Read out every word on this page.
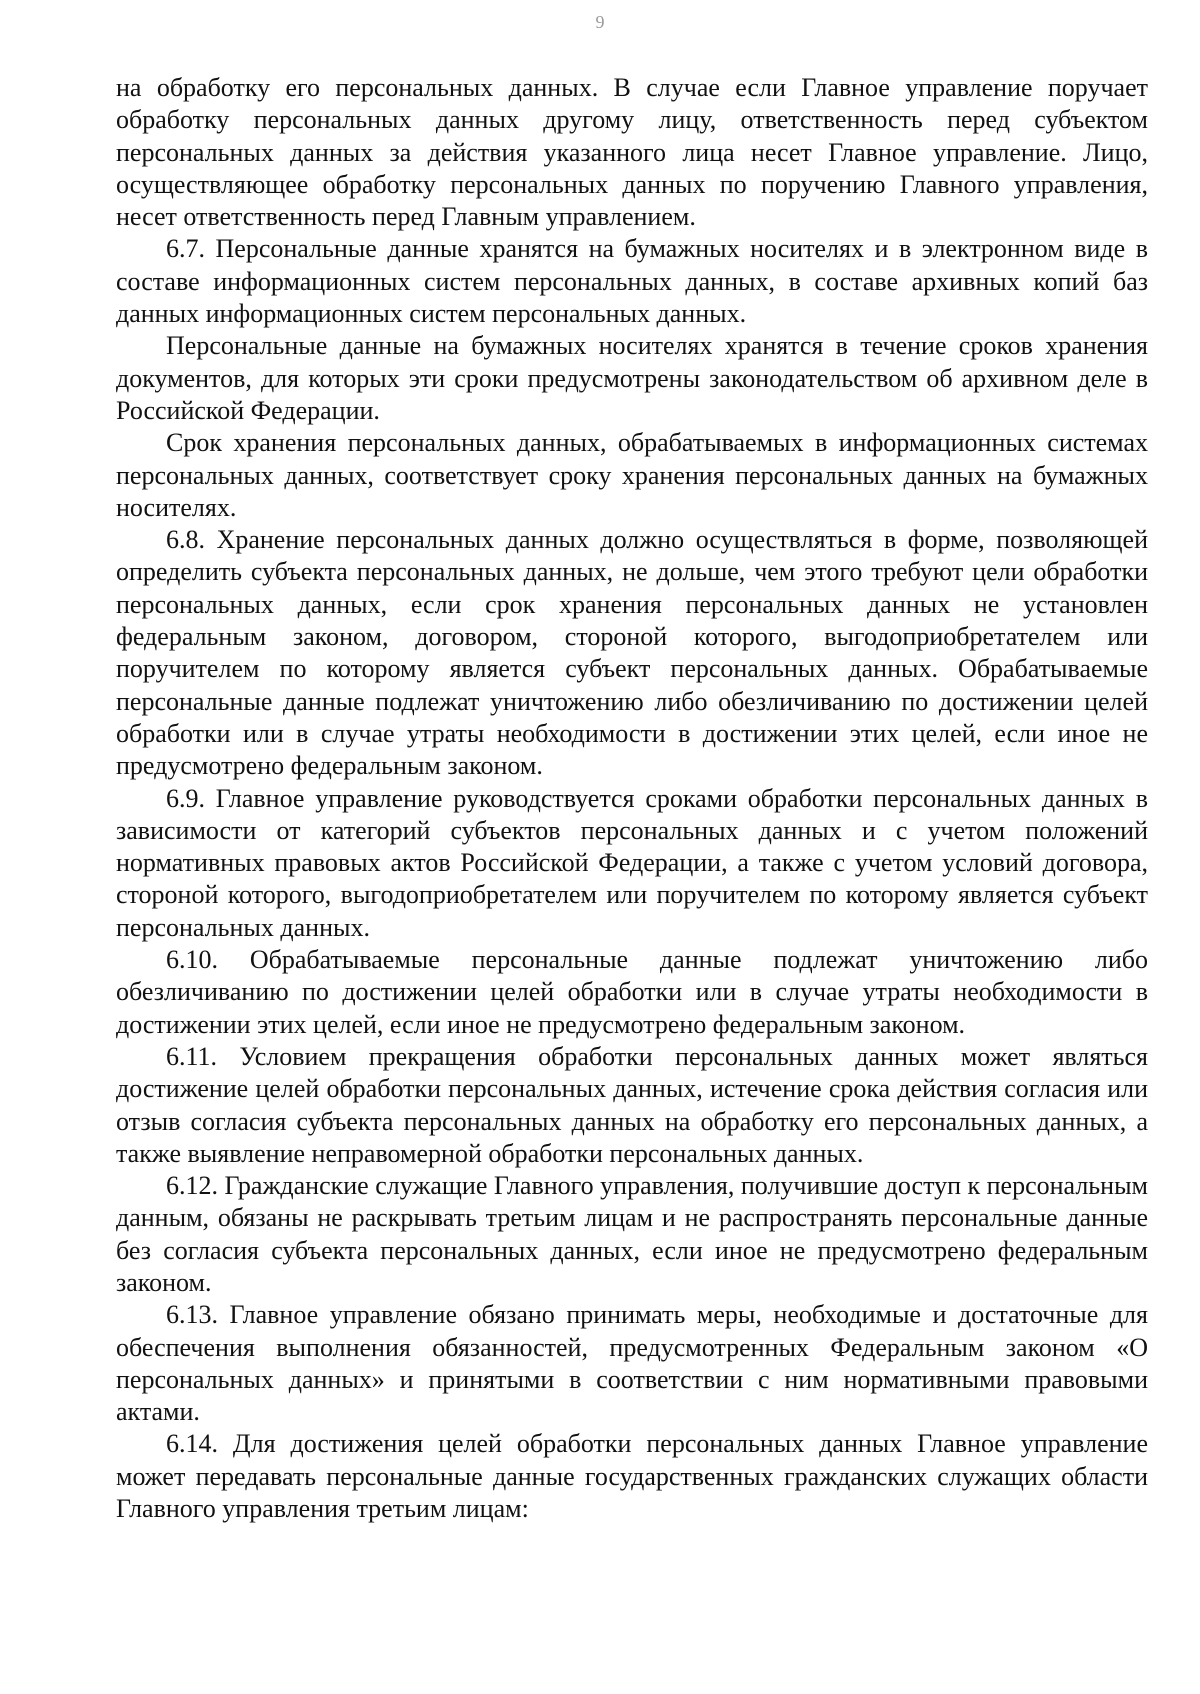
9

на обработку его персональных данных. В случае если Главное управление поручает обработку персональных данных другому лицу, ответственность перед субъектом персональных данных за действия указанного лица несет Главное управление. Лицо, осуществляющее обработку персональных данных по поручению Главного управления, несет ответственность перед Главным управлением.

6.7. Персональные данные хранятся на бумажных носителях и в электронном виде в составе информационных систем персональных данных, в составе архивных копий баз данных информационных систем персональных данных.

Персональные данные на бумажных носителях хранятся в течение сроков хранения документов, для которых эти сроки предусмотрены законодательством об архивном деле в Российской Федерации.

Срок хранения персональных данных, обрабатываемых в информационных системах персональных данных, соответствует сроку хранения персональных данных на бумажных носителях.

6.8. Хранение персональных данных должно осуществляться в форме, позволяющей определить субъекта персональных данных, не дольше, чем этого требуют цели обработки персональных данных, если срок хранения персональных данных не установлен федеральным законом, договором, стороной которого, выгодоприобретателем или поручителем по которому является субъект персональных данных. Обрабатываемые персональные данные подлежат уничтожению либо обезличиванию по достижении целей обработки или в случае утраты необходимости в достижении этих целей, если иное не предусмотрено федеральным законом.

6.9. Главное управление руководствуется сроками обработки персональных данных в зависимости от категорий субъектов персональных данных и с учетом положений нормативных правовых актов Российской Федерации, а также с учетом условий договора, стороной которого, выгодоприобретателем или поручителем по которому является субъект персональных данных.

6.10. Обрабатываемые персональные данные подлежат уничтожению либо обезличиванию по достижении целей обработки или в случае утраты необходимости в достижении этих целей, если иное не предусмотрено федеральным законом.

6.11. Условием прекращения обработки персональных данных может являться достижение целей обработки персональных данных, истечение срока действия согласия или отзыв согласия субъекта персональных данных на обработку его персональных данных, а также выявление неправомерной обработки персональных данных.

6.12. Гражданские служащие Главного управления, получившие доступ к персональным данным, обязаны не раскрывать третьим лицам и не распространять персональные данные без согласия субъекта персональных данных, если иное не предусмотрено федеральным законом.

6.13. Главное управление обязано принимать меры, необходимые и достаточные для обеспечения выполнения обязанностей, предусмотренных Федеральным законом «О персональных данных» и принятыми в соответствии с ним нормативными правовыми актами.

6.14. Для достижения целей обработки персональных данных Главное управление может передавать персональные данные государственных гражданских служащих области Главного управления третьим лицам:
